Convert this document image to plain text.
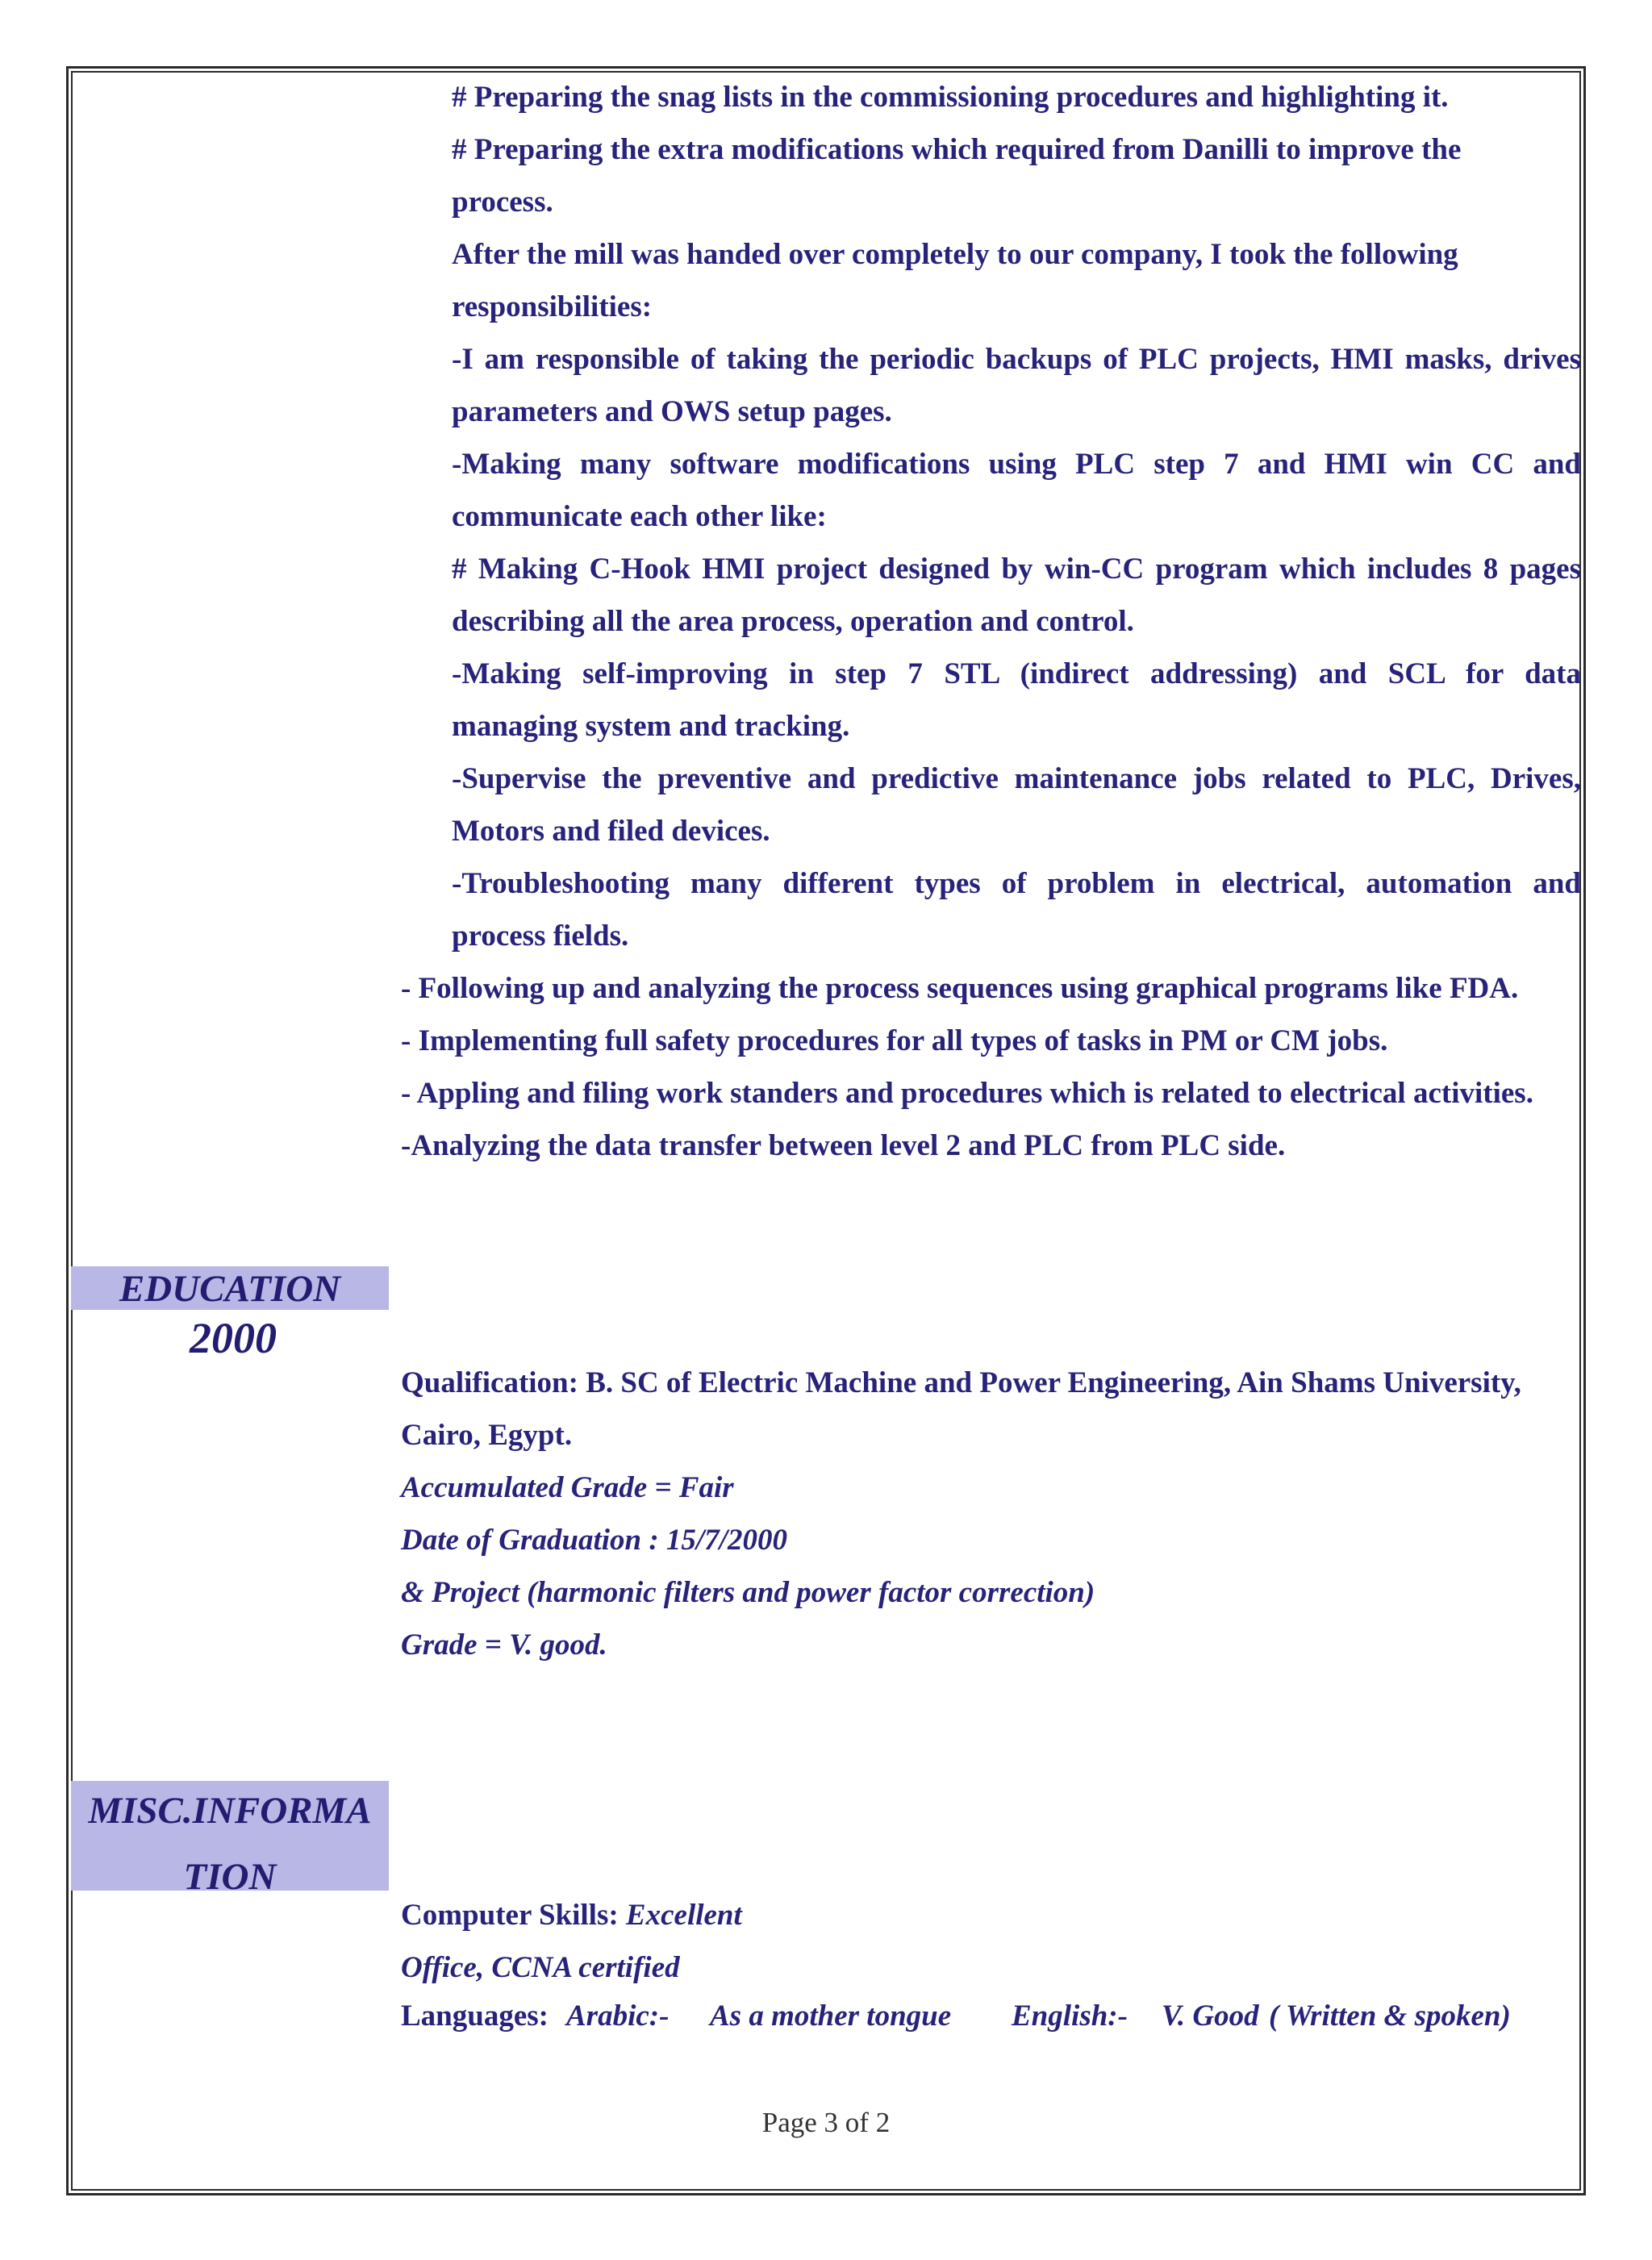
# Preparing the snag lists in the commissioning procedures and highlighting it.
# Preparing the extra modifications which required from Danilli to improve the
process.
After the mill was handed over completely to our company, I took the following
responsibilities:
-I am responsible of taking the periodic backups of PLC projects, HMI masks, drives
parameters and OWS setup pages.
-Making many software modifications using PLC step 7 and HMI win CC and
communicate each other like:
# Making C-Hook HMI project designed by win-CC program which includes 8 pages
describing all the area process, operation and control.
-Making self-improving in step 7 STL (indirect addressing) and SCL for data
managing system and tracking.
-Supervise the preventive and predictive maintenance jobs related to PLC, Drives,
Motors and filed devices.
-Troubleshooting many different types of problem in electrical, automation and
process fields.
- Following up and analyzing the process sequences using graphical programs like FDA.
- Implementing full safety procedures for all types of tasks in PM or CM jobs.
- Appling and filing work standers and procedures which is related to electrical activities.
-Analyzing the data transfer between level 2 and PLC from PLC side.
EDUCATION
2000
Qualification: B. SC of Electric Machine and Power Engineering, Ain Shams University,
Cairo, Egypt.
Accumulated Grade = Fair
Date of Graduation : 15/7/2000
& Project (harmonic filters and power factor correction)
Grade = V. good.
MISC.INFORMA
TION
Computer Skills: Excellent
Office, CCNA certified
Languages: Arabic:- As a mother tongue English:- V. Good ( Written & spoken)
Page 3 of 2
